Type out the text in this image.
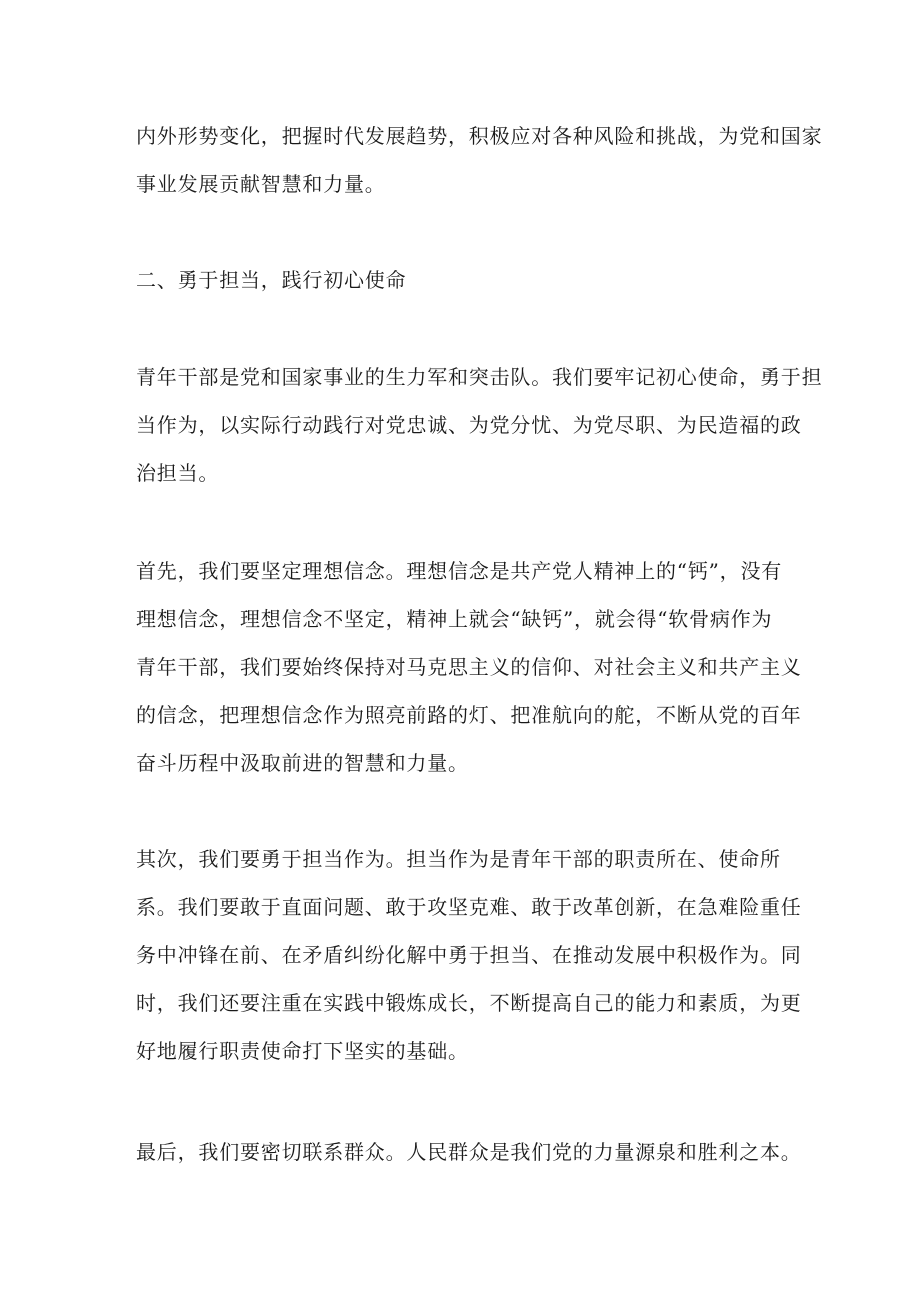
内外形势变化，把握时代发展趋势，积极应对各种风险和挑战，为党和国家

事业发展贡献智慧和力量。

二、勇于担当，践行初心使命

青年干部是党和国家事业的生力军和突击队。我们要牢记初心使命，勇于担

当作为，以实际行动践行对党忠诚、为党分忧、为党尽职、为民造福的政

治担当。

首先，我们要坚定理想信念。理想信念是共产党人精神上的“钙”，没有

理想信念，理想信念不坚定，精神上就会“缺钙”，就会得“软骨病作为

青年干部，我们要始终保持对马克思主义的信仰、对社会主义和共产主义

的信念，把理想信念作为照亮前路的灯、把准航向的舵，不断从党的百年

奋斗历程中汲取前进的智慧和力量。

其次，我们要勇于担当作为。担当作为是青年干部的职责所在、使命所

系。我们要敢于直面问题、敢于攻坚克难、敢于改革创新，在急难险重任

务中冲锋在前、在矛盾纠纷化解中勇于担当、在推动发展中积极作为。同

时，我们还要注重在实践中锻炼成长，不断提高自己的能力和素质，为更

好地履行职责使命打下坚实的基础。

最后，我们要密切联系群众。人民群众是我们党的力量源泉和胜利之本。
